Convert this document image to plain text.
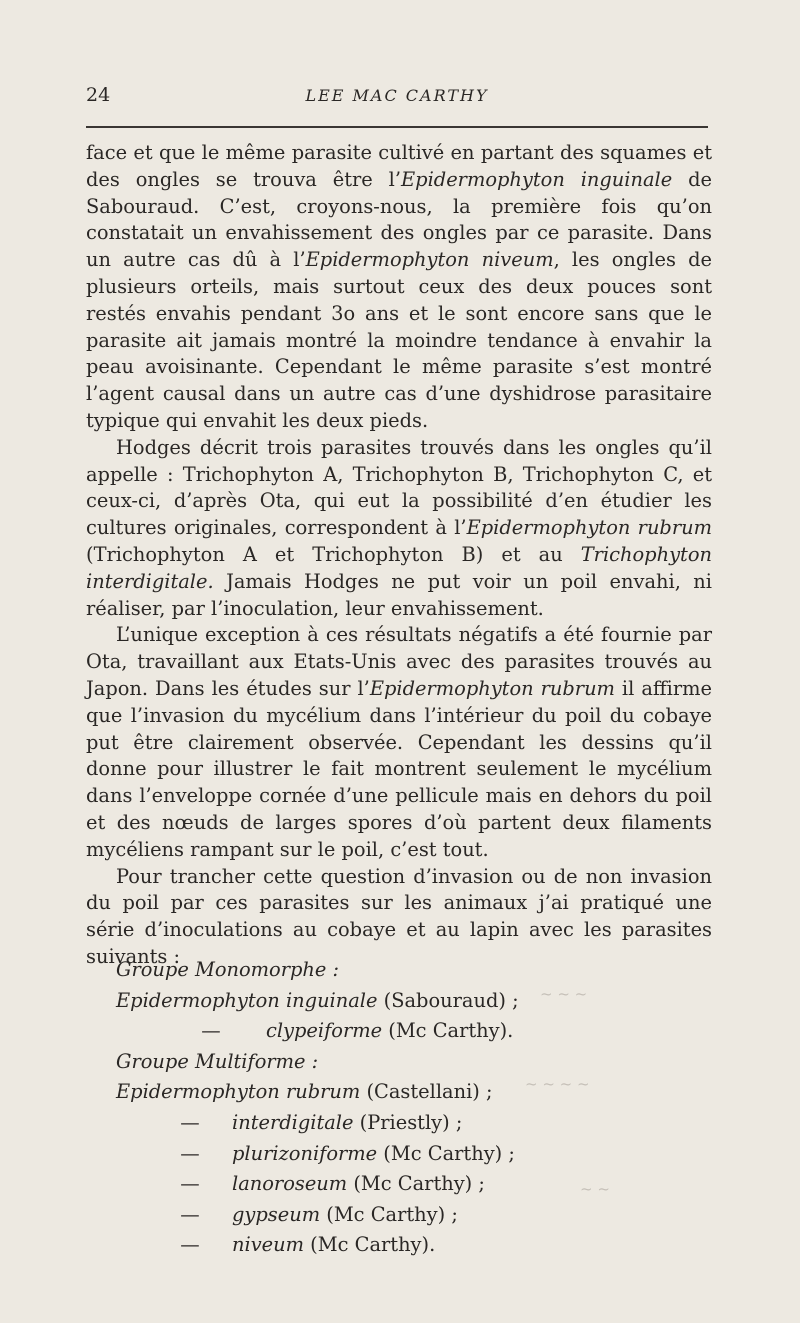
24	LEE MAC CARTHY

face et que le même parasite cultivé en partant des squames et des ongles se trouva être l’Epidermophyton inguinale de Sabouraud. C’est, croyons-nous, la première fois qu’on constatait un envahissement des ongles par ce parasite. Dans un autre cas dû à l’Epidermophyton niveum, les ongles de plusieurs orteils, mais surtout ceux des deux pouces sont restés envahis pendant 3o ans et le sont encore sans que le parasite ait jamais montré la moindre tendance à envahir la peau avoisinante. Cependant le même parasite s’est montré l’agent causal dans un autre cas d’une dyshidrose parasitaire typique qui envahit les deux pieds.

Hodges décrit trois parasites trouvés dans les ongles qu’il appelle : Trichophyton A, Trichophyton B, Trichophyton C, et ceux-ci, d’après Ota, qui eut la possibilité d’en étudier les cultures originales, correspondent à l’Epidermophyton rubrum (Trichophyton A et Trichophyton B) et au Trichophyton interdigitale. Jamais Hodges ne put voir un poil envahi, ni réaliser, par l’inoculation, leur envahissement.

L’unique exception à ces résultats négatifs a été fournie par Ota, travaillant aux Etats-Unis avec des parasites trouvés au Japon. Dans les études sur l’Epidermophyton rubrum il affirme que l’invasion du mycélium dans l’intérieur du poil du cobaye put être clairement observée. Cependant les dessins qu’il donne pour illustrer le fait montrent seulement le mycélium dans l’enveloppe cornée d’une pellicule mais en dehors du poil et des nœuds de larges spores d’où partent deux filaments mycéliens rampant sur le poil, c’est tout.

Pour trancher cette question d’invasion ou de non invasion du poil par ces parasites sur les animaux j’ai pratiqué une série d’inoculations au cobaye et au lapin avec les parasites suivants :

Groupe Monomorphe :
Epidermophyton inguinale (Sabouraud) ;
— clypeiforme (Mc Carthy).
Groupe Multiforme :
Epidermophyton rubrum (Castellani) ;
— interdigitale (Priestly) ;
— plurizoniforme (Mc Carthy) ;
— lanoroseum (Mc Carthy) ;
— gypseum (Mc Carthy) ;
— niveum (Mc Carthy).
~ ~ ~
~ ~ ~ ~
~ ~
